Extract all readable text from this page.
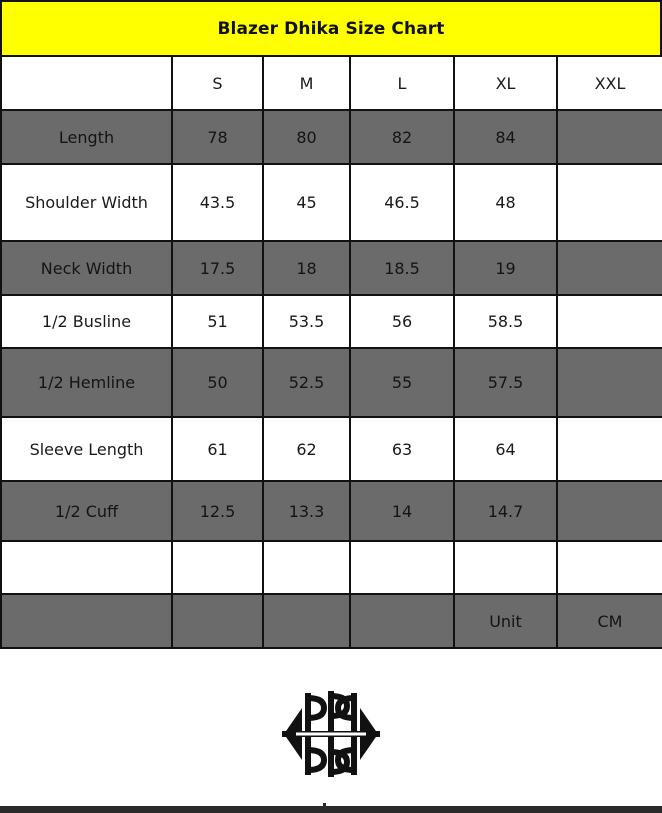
Blazer Dhika Size Chart
	S	M	L	XL	XXL
Length	78	80	82	84	
Shoulder Width	43.5	45	46.5	48	
Neck Width	17.5	18	18.5	19	
1/2 Busline	51	53.5	56	58.5	
1/2 Hemline	50	52.5	55	57.5	
Sleeve Length	61	62	63	64	
1/2 Cuff	12.5	13.3	14	14.7	

				Unit	CM
